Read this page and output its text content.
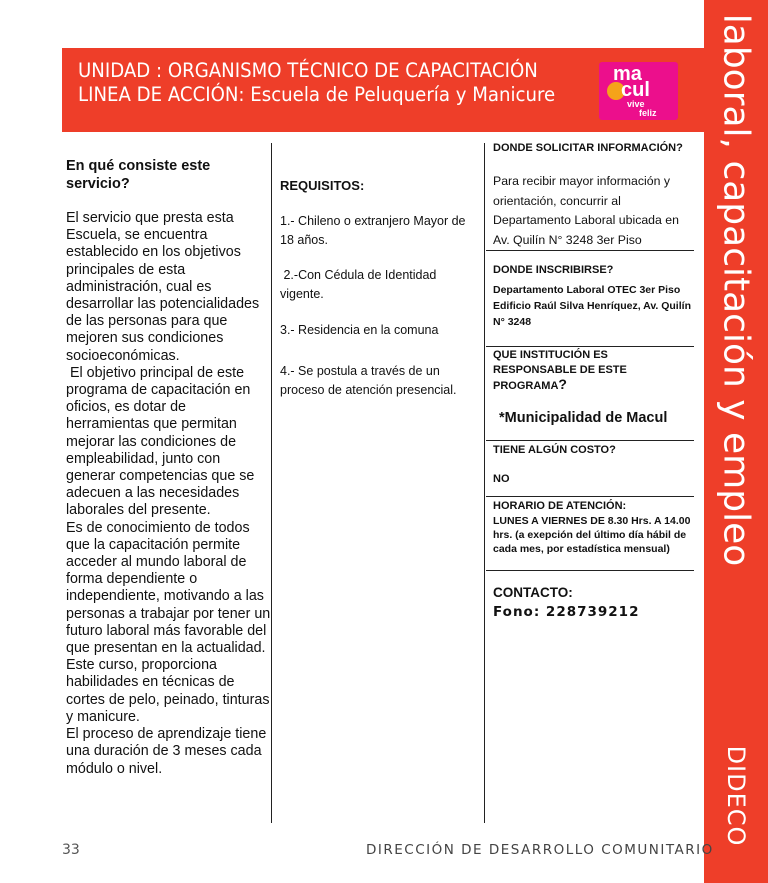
laboral, capacitación y empleo
DIDECO
UNIDAD : ORGANISMO TÉCNICO DE CAPACITACIÓN
LINEA DE ACCIÓN: Escuela de Peluquería y Manicure
ma
cul
vive
feliz
En qué consiste este servicio?

El servicio que presta esta Escuela, se encuentra establecido en los objetivos principales de esta administración, cual es desarrollar las potencialidades de las personas para que mejoren sus condiciones socioeconómicas.

El objetivo principal de este programa de capacitación en oficios, es dotar de herramientas que permitan mejorar las condiciones de empleabilidad, junto con generar competencias que se adecuen a las necesidades laborales del presente.

Es de conocimiento de todos que la capacitación permite acceder al mundo laboral de forma dependiente o independiente, motivando a las personas a trabajar por tener un futuro laboral más favorable del que presentan en la actualidad.

Este curso, proporciona habilidades en técnicas de cortes de pelo, peinado, tinturas y manicure.

El proceso de aprendizaje tiene una duración de 3 meses cada módulo o nivel.

REQUISITOS:
1.- Chileno o extranjero Mayor de 18 años.
2.-Con Cédula de Identidad vigente.
3.- Residencia en la comuna
4.- Se postula a través de un proceso de atención presencial.
DONDE SOLICITAR INFORMACIÓN?
Para recibir mayor información y orientación, concurrir al Departamento Laboral ubicada en Av. Quilín N° 3248 3er Piso
DONDE INSCRIBIRSE?
Departamento Laboral OTEC 3er Piso Edificio Raúl Silva Henríquez, Av. Quilín N° 3248
QUE INSTITUCIÓN ES RESPONSABLE DE ESTE PROGRAMA?
*Municipalidad de Macul
TIENE ALGÚN COSTO?
NO
HORARIO DE ATENCIÓN:
LUNES A VIERNES DE 8.30 Hrs. A 14.00 hrs. (a exepción del último día hábil de cada mes, por estadística mensual)
CONTACTO:
Fono: 228739212
33	DIRECCIÓN DE DESARROLLO COMUNITARIO
